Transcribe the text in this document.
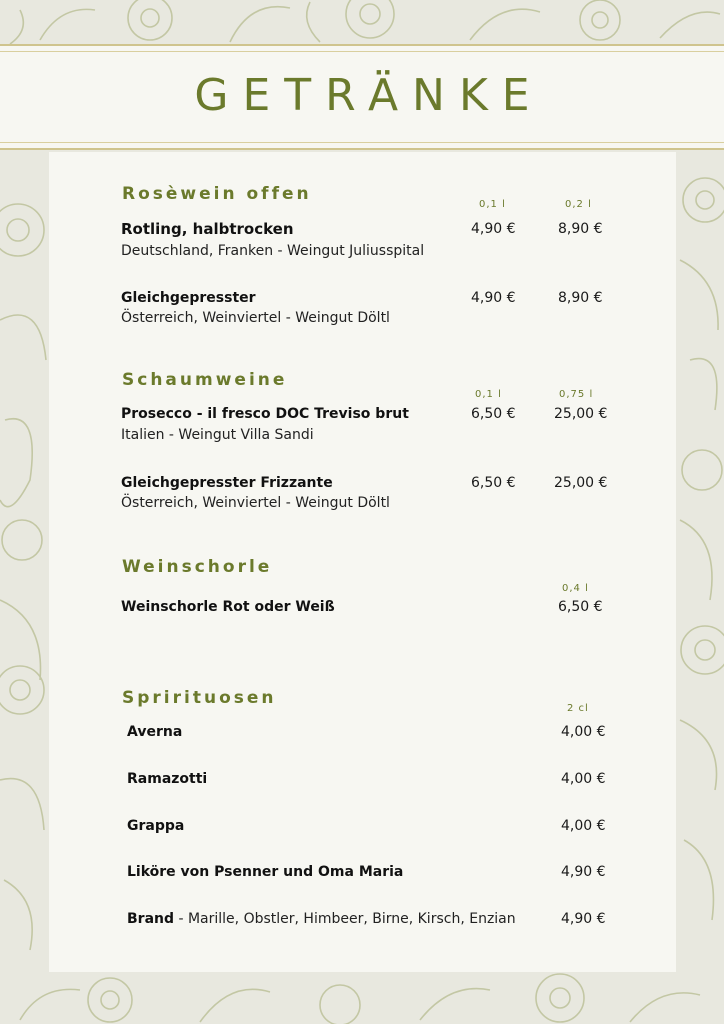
GETRÄNKE
Rosèwein offen
0,1 l	0,2 l
Rotling, halbtrocken
Deutschland, Franken - Weingut Juliusspital
4,90 €	8,90 €
Gleichgepresster
Österreich, Weinviertel - Weingut Döltl
4,90 €	8,90 €
Schaumweine
0,1 l	0,75 l
Prosecco - il fresco DOC Treviso brut
Italien - Weingut Villa Sandi
6,50 €	25,00 €
Gleichgepresster Frizzante
Österreich, Weinviertel - Weingut Döltl
6,50 €	25,00 €
Weinschorle
0,4 l
Weinschorle Rot oder Weiß	6,50 €
Sprirituosen
2 cl
Averna	4,00 €
Ramazotti	4,00 €
Grappa	4,00 €
Liköre von Psenner und Oma Maria	4,90 €
Brand - Marille, Obstler, Himbeer, Birne, Kirsch, Enzian	4,90 €
